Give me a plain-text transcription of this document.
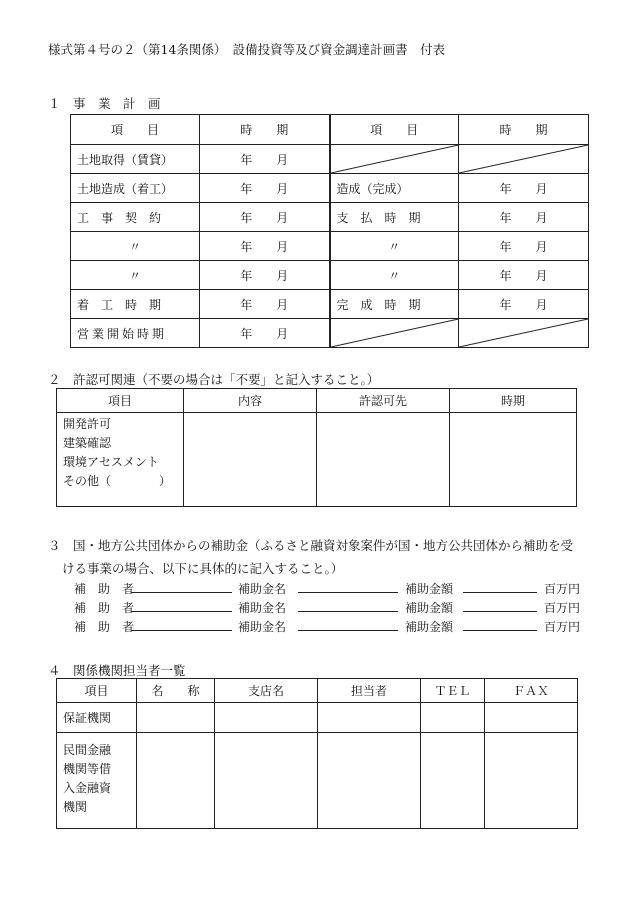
様式第４号の２（第14条関係）　設備投資等及び資金調達計画書　付表
１　事　業　計　画
項　　目	時　　期	項　　目	時　　期
土地取得（賃貸）	年　　月	

土地造成（着工）	年　　月	造成（完成）	年　　月
工　事　契　約	年　　月	支　払　時　期	年　　月
〃	年　　月	〃	年　　月
〃	年　　月	〃	年　　月
着　工　時　期	年　　月	完　成　時　期	年　　月
営業開始時期	年　　月	

２　許認可関連（不要の場合は「不要」と記入すること。）
項目	内容	許認可先	時期

開発許可
建築確認
環境アセスメント
その他（　　　　）			

３　国・地方公共団体からの補助金（ふるさと融資対象案件が国・地方公共団体から補助を受
ける事業の場合、以下に具体的に記入すること。）
補　助　者	補助金名	補助金額	百万円
補　助　者	補助金名	補助金額	百万円
補　助　者	補助金名	補助金額	百万円
４　関係機関担当者一覧
項目	名　　称	支店名	担当者	ＴＥＬ	ＦＡＸ
保証機関					

民間金融
機関等借
入金融資
機関					
